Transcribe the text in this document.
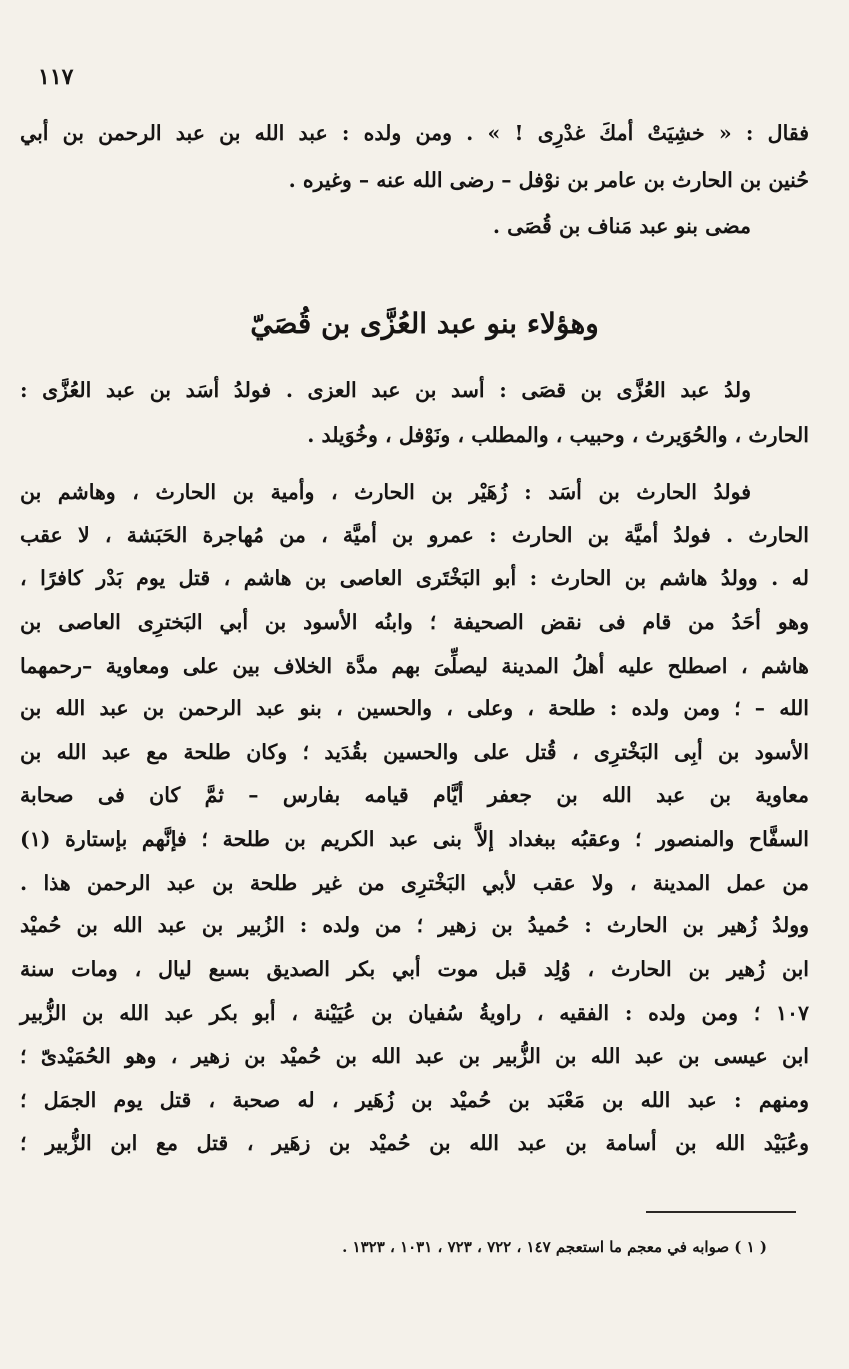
١١٧
فقال : « خشِيَتْ أمكَ غدْرِى ! » . ومن ولده : عبد الله بن عبد الرحمن بن أبي
حُنين بن الحارث بن عامر بن نوْفل – رضى الله عنه – وغيره .
مضى بنو عبد مَناف بن قُصَى .
وهؤلاء بنو عبد العُزَّى بن قُصَيّ
ولدُ عبد العُزَّى بن قصَى : أسد بن عبد العزى . فولدُ أسَد بن عبد العُزَّى :
الحارث ، والحُوَيرث ، وحبيب ، والمطلب ، ونَوْفل ، وخُوَيلد .
فولدُ الحارث بن أسَد : زُهَيْر بن الحارث ، وأمية بن الحارث ، وهاشم بن
الحارث . فولدُ أميَّة بن الحارث : عمرو بن أميَّة ، من مُهاجرة الحَبَشة ، لا عقب
له . وولدُ هاشم بن الحارث : أبو البَخْتَرى العاصى بن هاشم ، قتل يوم بَدْر كافرًا ،
وهو أحَدُ من قام فى نقض الصحيفة ؛ وابنُه الأسود بن أبي البَخترِى العاصى بن
هاشم ، اصطلح عليه أهلُ المدينة ليصلِّىَ بهم مدَّة الخلاف بين على ومعاوية –رحمهما
الله – ؛ ومن ولده : طلحة ، وعلى ، والحسين ، بنو عبد الرحمن بن عبد الله بن
الأسود بن أبِى البَخْترِى ، قُتل على والحسين بقُدَيد ؛ وكان طلحة مع عبد الله بن
معاوية بن عبد الله بن جعفر أيَّام قيامه بفارس – ثمَّ كان فى صحابة
السفَّاح والمنصور ؛ وعقبُه ببغداد إلاَّ بنى عبد الكريم بن طلحة ؛ فإنَّهم بإستارة (١)
من عمل المدينة ، ولا عقب لأبي البَخْترِى من غير طلحة بن عبد الرحمن هذا .
وولدُ زُهير بن الحارث : حُميدُ بن زهير ؛ من ولده : الزُبير بن عبد الله بن حُميْد
ابن زُهير بن الحارث ، وُلِد قبل موت أبي بكر الصديق بسبع ليال ، ومات سنة
١٠٧ ؛ ومن ولده : الفقيه ، راويةُ سُفيان بن عُيَيْنة ، أبو بكر عبد الله بن الزُّبير
ابن عيسى بن عبد الله بن الزُّبير بن عبد الله بن حُميْد بن زهير ، وهو الحُمَيْدىّ ؛
ومنهم : عبد الله بن مَعْبَد بن حُميْد بن زُهَير ، له صحبة ، قتل يوم الجمَل ؛
وعُبَيْد الله بن أسامة بن عبد الله بن حُميْد بن زهَير ، قتل مع ابن الزُّبير ؛
( ١ ) صوابه في معجم ما استعجم ١٤٧ ، ٧٢٢ ، ٧٢٣ ، ١٠٣١ ، ١٣٢٣ .
